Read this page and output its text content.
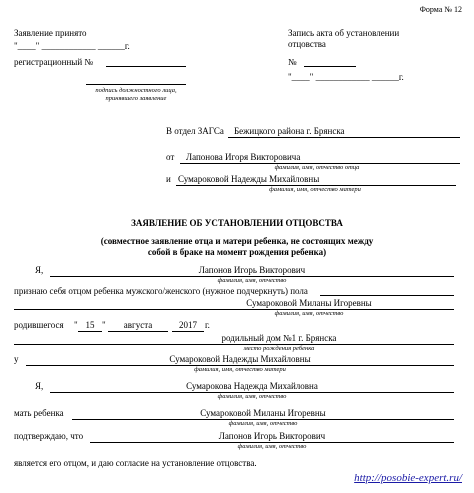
Форма № 12
Заявление принято
"____" ____________ ______г.
регистрационный №
подпись должностного лица, принявшего заявление
Запись акта об установлении отцовства
№
"____" ____________ ______г.
В отдел ЗАГСа	Бежицкого района г. Брянска
от	Лапонова Игоря Викторовича
фамилия, имя, отчество отца
и Сумароковой Надежды Михайловны
фамилия, имя, отчество матери
ЗАЯВЛЕНИЕ ОБ УСТАНОВЛЕНИИ ОТЦОВСТВА
(совместное заявление отца и матери ребенка, не состоящих между
собой в браке на момент рождения ребенка)
Я,	Лапонов Игорь Викторович
фамилия, имя, отчество
признаю себя отцом ребенка мужского/женского (нужное подчеркнуть) пола
Сумароковой Миланы Игоревны
фамилия, имя, отчество
родившегося " 15 "	августа	2017 г.
родильный дом №1 г. Брянска
место рождения ребенка
у	Сумароковой Надежды Михайловны
фамилия, имя, отчество матери
Я,	Сумарокова Надежда Михайловна
фамилия, имя, отчество
мать ребенка	Сумароковой Миланы Игоревны
фамилия, имя, отчество
подтверждаю, что	Лапонов Игорь Викторович
фамилия, имя, отчество
является его отцом, и даю согласие на установление отцовства.
http://posobie-expert.ru/
